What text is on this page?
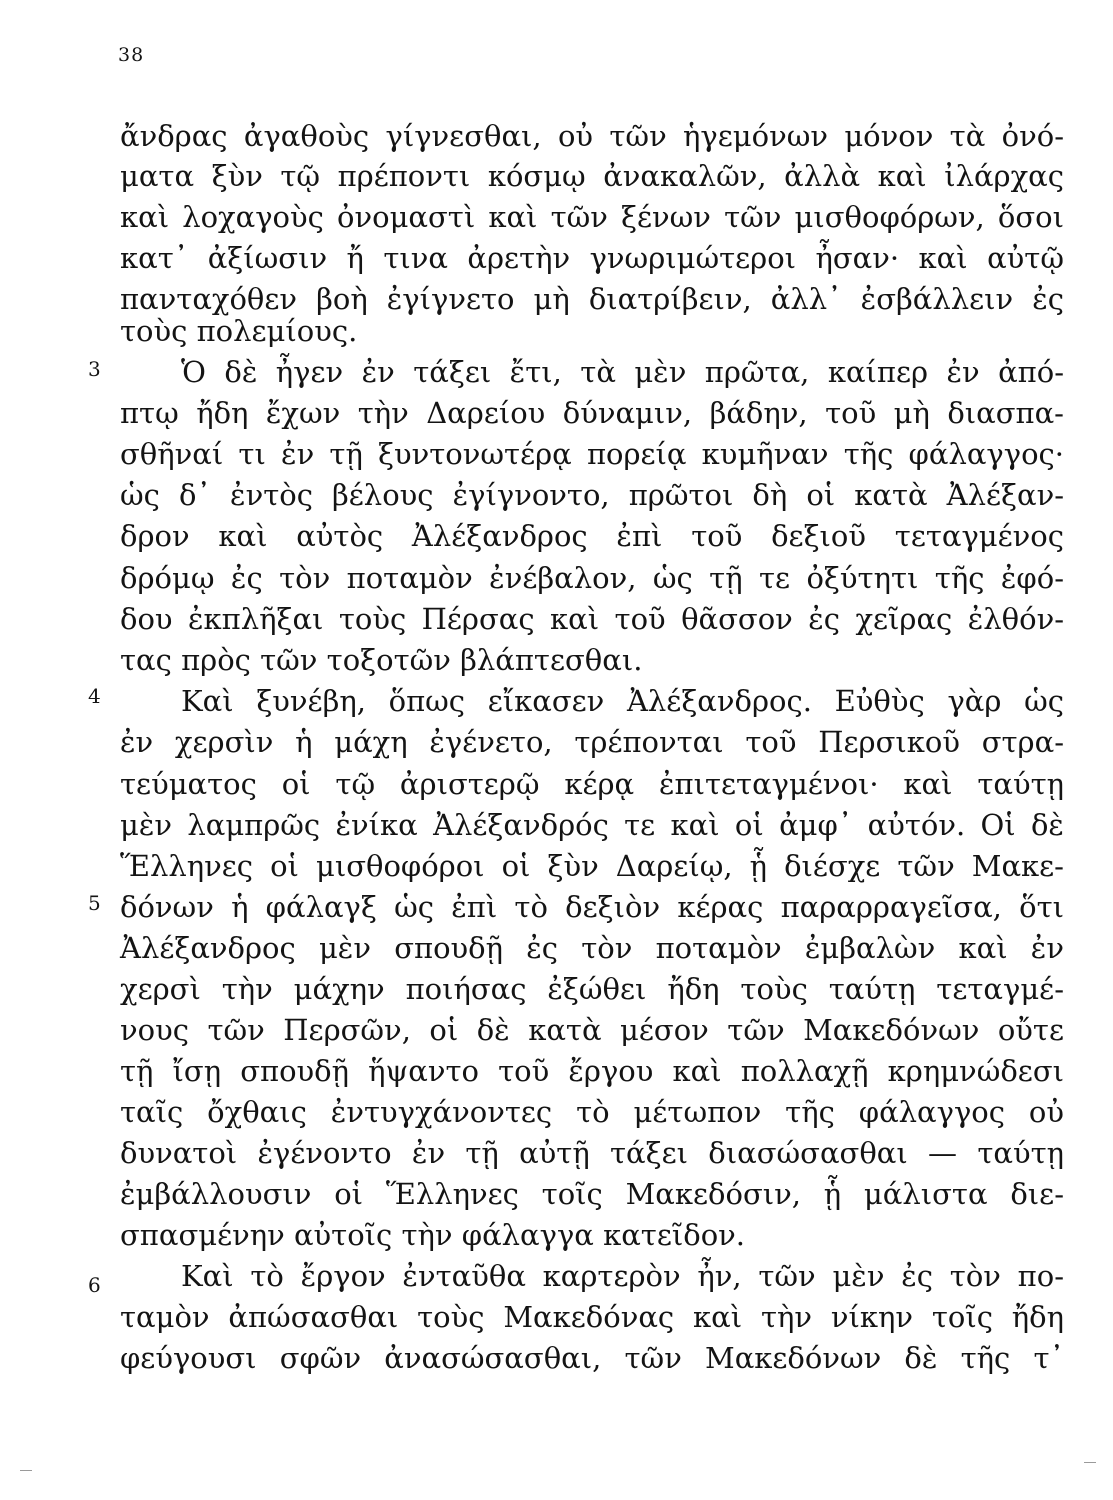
38
3
4
5
6
ἄνδρας ἀγαθοὺς γίγνεσθαι, οὐ τῶν ἡγεμόνων μόνον τὰ ὀνό-
ματα ξὺν τῷ πρέποντι κόσμῳ ἀνακαλῶν, ἀλλὰ καὶ ἰλάρχας
καὶ λοχαγοὺς ὀνομαστὶ καὶ τῶν ξένων τῶν μισθοφόρων, ὅσοι
κατ᾽ ἀξίωσιν ἤ τινα ἀρετὴν γνωριμώτεροι ἦσαν· καὶ αὐτῷ
πανταχόθεν βοὴ ἐγίγνετο μὴ διατρίβειν, ἀλλ᾽ ἐσβάλλειν ἐς
τοὺς πολεμίους.
Ὁ δὲ ἦγεν ἐν τάξει ἔτι, τὰ μὲν πρῶτα, καίπερ ἐν ἀπό-
πτῳ ἤδη ἔχων τὴν Δαρείου δύναμιν, βάδην, τοῦ μὴ διασπα-
σθῆναί τι ἐν τῇ ξυντονωτέρᾳ πορείᾳ κυμῆναν τῆς φάλαγγος·
ὡς δ᾽ ἐντὸς βέλους ἐγίγνοντο, πρῶτοι δὴ οἱ κατὰ Ἀλέξαν-
δρον καὶ αὐτὸς Ἀλέξανδρος ἐπὶ τοῦ δεξιοῦ τεταγμένος
δρόμῳ ἐς τὸν ποταμὸν ἐνέβαλον, ὡς τῇ τε ὀξύτητι τῆς ἐφό-
δου ἐκπλῆξαι τοὺς Πέρσας καὶ τοῦ θᾶσσον ἐς χεῖρας ἐλθόν-
τας πρὸς τῶν τοξοτῶν βλάπτεσθαι.
Καὶ ξυνέβη, ὅπως εἴκασεν Ἀλέξανδρος. Εὐθὺς γὰρ ὡς
ἐν χερσὶν ἡ μάχη ἐγένετο, τρέπονται τοῦ Περσικοῦ στρα-
τεύματος οἱ τῷ ἀριστερῷ κέρᾳ ἐπιτεταγμένοι· καὶ ταύτῃ
μὲν λαμπρῶς ἐνίκα Ἀλέξανδρός τε καὶ οἱ ἀμφ᾽ αὐτόν. Οἱ δὲ
Ἕλληνες οἱ μισθοφόροι οἱ ξὺν Δαρείῳ, ᾗ διέσχε τῶν Μακε-
δόνων ἡ φάλαγξ ὡς ἐπὶ τὸ δεξιὸν κέρας παραρραγεῖσα, ὅτι
Ἀλέξανδρος μὲν σπουδῇ ἐς τὸν ποταμὸν ἐμβαλὼν καὶ ἐν
χερσὶ τὴν μάχην ποιήσας ἐξώθει ἤδη τοὺς ταύτῃ τεταγμέ-
νους τῶν Περσῶν, οἱ δὲ κατὰ μέσον τῶν Μακεδόνων οὔτε
τῇ ἴσῃ σπουδῇ ἥψαντο τοῦ ἔργου καὶ πολλαχῇ κρημνώδεσι
ταῖς ὄχθαις ἐντυγχάνοντες τὸ μέτωπον τῆς φάλαγγος οὐ
δυνατοὶ ἐγένοντο ἐν τῇ αὐτῇ τάξει διασώσασθαι — ταύτῃ
ἐμβάλλουσιν οἱ Ἕλληνες τοῖς Μακεδόσιν, ᾗ μάλιστα διε-
σπασμένην αὐτοῖς τὴν φάλαγγα κατεῖδον.
Καὶ τὸ ἔργον ἐνταῦθα καρτερὸν ἦν, τῶν μὲν ἐς τὸν πο-
ταμὸν ἀπώσασθαι τοὺς Μακεδόνας καὶ τὴν νίκην τοῖς ἤδη
φεύγουσι σφῶν ἀνασώσασθαι, τῶν Μακεδόνων δὲ τῆς τ᾽
